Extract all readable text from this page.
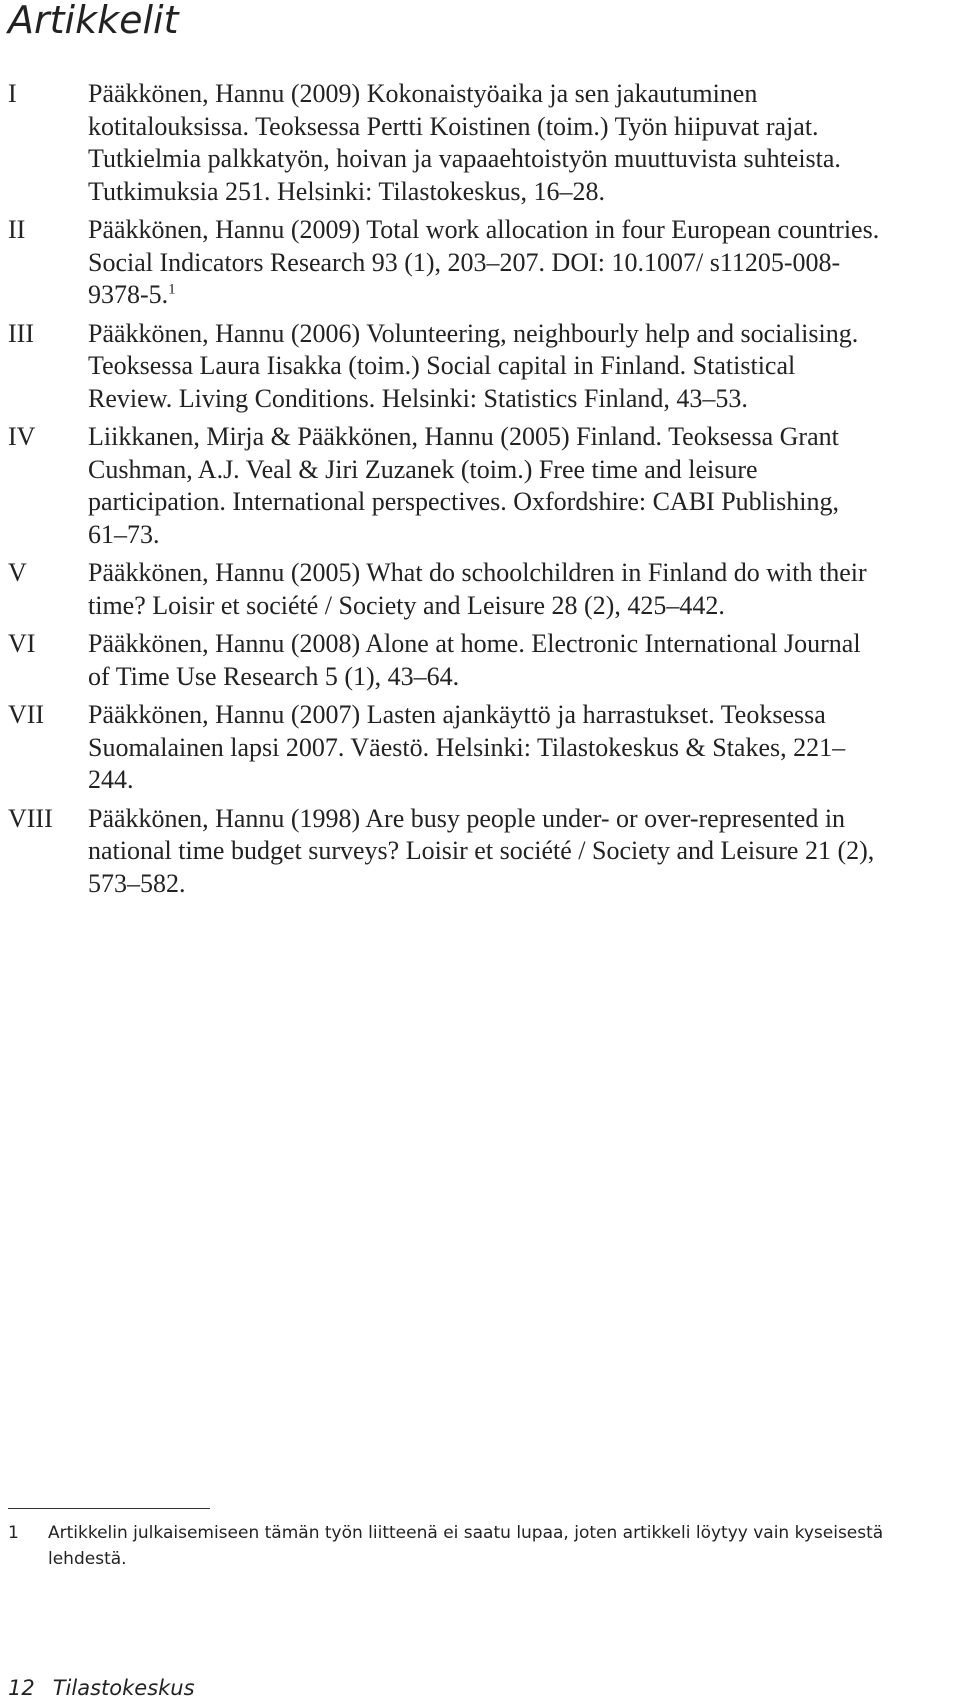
Artikkelit
I	Pääkkönen, Hannu (2009) Kokonaistyöaika ja sen jakautuminen kotitalouksissa. Teoksessa Pertti Koistinen (toim.) Työn hiipuvat rajat. Tutkielmia palkkatyön, hoivan ja vapaaehtoistyön muuttuvista suhteista. Tutkimuksia 251. Helsinki: Tilastokeskus, 16–28.
II Pääkkönen, Hannu (2009) Total work allocation in four European countries. Social Indicators Research 93 (1), 203–207. DOI: 10.1007/ s11205-008-9378-5.$^1$
III Pääkkönen, Hannu (2006) Volunteering, neighbourly help and socialising. Teoksessa Laura Iisakka (toim.) Social capital in Finland. Statistical Review. Living Conditions. Helsinki: Statistics Finland, 43–53.
IV Liikkanen, Mirja & Pääkkönen, Hannu (2005) Finland. Teoksessa Grant Cushman, A.J. Veal & Jiri Zuzanek (toim.) Free time and leisure participation. International perspectives. Oxfordshire: CABI Publishing, 61–73.
V Pääkkönen, Hannu (2005) What do schoolchildren in Finland do with their time? Loisir et société / Society and Leisure 28 (2), 425–442.
VI Pääkkönen, Hannu (2008) Alone at home. Electronic International Journal of Time Use Research 5 (1), 43–64.
VII Pääkkönen, Hannu (2007) Lasten ajankäyttö ja harrastukset. Teoksessa Suomalainen lapsi 2007. Väestö. Helsinki: Tilastokeskus & Stakes, 221–244.
VIII Pääkkönen, Hannu (1998) Are busy people under- or over-represented in national time budget surveys? Loisir et société / Society and Leisure 21 (2), 573–582.
1 Artikkelin julkaisemiseen tämän työn liitteenä ei saatu lupaa, joten artikkeli löytyy vain kyseisestä lehdestä.
12 Tilastokeskus
